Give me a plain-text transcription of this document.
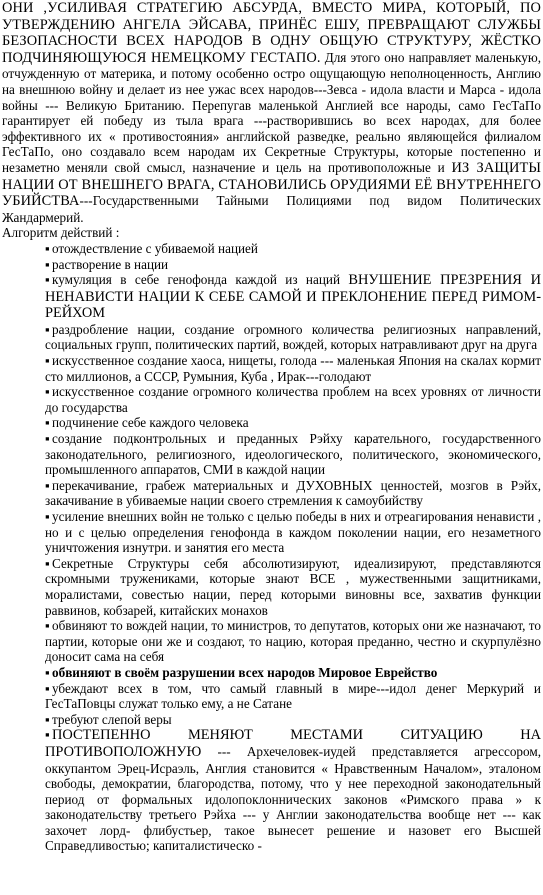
ОНИ ,УСИЛИВАЯ СТРАТЕГИЮ АБСУРДА, ВМЕСТО МИРА, КОТОРЫЙ, ПО УТВЕРЖДЕНИЮ АНГЕЛА ЭЙСАВА, ПРИНЁС ЕШУ, ПРЕВРАЩАЮТ СЛУЖБЫ БЕЗОПАСНОСТИ ВСЕХ НАРОДОВ В ОДНУ ОБЩУЮ СТРУКТУРУ, ЖЁСТКО ПОДЧИНЯЮЩУЮСЯ НЕМЕЦКОМУ ГЕСТАПО. Для этого оно направляет маленькую, отчужденную от материка, и потому особенно остро ощущающую неполноценность, Англию на внешнюю войну и делает из нее ужас всех народов---Зевса - идола власти и Марса - идола войны --- Великую Британию. Перепугав маленькой Англией все народы, само ГесТаПо гарантирует ей победу из тыла врага ---растворившись во всех народах, для более эффективного их « противостояния» английской разведке, реально являющейся филиалом ГесТаПо, оно создавало всем народам их Секретные Структуры, которые постепенно и незаметно меняли свой смысл, назначение и цель на противоположные и ИЗ ЗАЩИТЫ НАЦИИ ОТ ВНЕШНЕГО ВРАГА, СТАНОВИЛИСЬ ОРУДИЯМИ ЕЁ ВНУТРЕННЕГО УБИЙСТВА---Государственными Тайными Полициями под видом Политических Жандармерий.
Алгоритм действий :

▪ отождествление с убиваемой нацией
▪ растворение в нации
▪ кумуляция в себе генофонда каждой из наций ВНУШЕНИЕ ПРЕЗРЕНИЯ И НЕНАВИСТИ НАЦИИ К СЕБЕ САМОЙ И ПРЕКЛОНЕНИЕ ПЕРЕД РИМОМ-РЕЙХОМ
▪ раздробление нации, создание огромного количества религиозных направлений, социальных групп, политических партий, вождей, которых натравливают друг на друга
▪ искусственное создание хаоса, нищеты, голода --- маленькая Япония на скалах кормит сто миллионов, а СССР, Румыния, Куба , Ирак---голодают
▪ искусственное создание огромного количества проблем на всех уровнях от личности до государства
▪ подчинение себе каждого человека
▪ создание подконтрольных и преданных Рэйху карательного, государственного законодательного, религиозного, идеологического, политического, экономического, промышленного аппаратов, СМИ в каждой нации
▪ перекачивание, грабеж материальных и ДУХОВНЫХ ценностей, мозгов в Рэйх, закачивание в убиваемые нации своего стремления к самоубийству
▪ усиление внешних войн не только с целью победы в них и отреагирования ненависти , но и с целью определения генофонда в каждом поколении нации, его незаметного уничтожения изнутри. и занятия его места
▪ Секретные Структуры себя абсолютизируют, идеализируют, представляются скромными тружениками, которые знают ВСЕ , мужественными защитниками, моралистами, совестью нации, перед которыми виновны все, захватив функции раввинов, кобзарей, китайских монахов
▪ обвиняют то вождей нации, то министров, то депутатов, которых они же назначают, то партии, которые они же и создают, то нацию, которая преданно, честно и скурпулёзно доносит сама на себя
▪ обвиняют в своём разрушении всех народов Мировое Еврейство
▪ убеждают всех в том, что самый главный в мире---идол денег Меркурий и ГесТаПовцы служат только ему, а не Сатане
▪ требуют слепой веры
▪ ПОСТЕПЕННО МЕНЯЮТ МЕСТАМИ СИТУАЦИЮ НА ПРОТИВОПОЛОЖНУЮ --- Архечеловек-иудей представляется агрессором, оккупантом Эрец-Исраэль, Англия становится « Нравственным Началом», эталоном свободы, демократии, благородства, потому, что у нее переходной законодательный период от формальных идолопоклоннических законов «Римского права » к законодательству третьего Рэйха --- у Англии законодательства вообще нет --- как захочет лорд- флибустьер, такое вынесет решение и назовет его Высшей Справедливостью; капиталистическо -
